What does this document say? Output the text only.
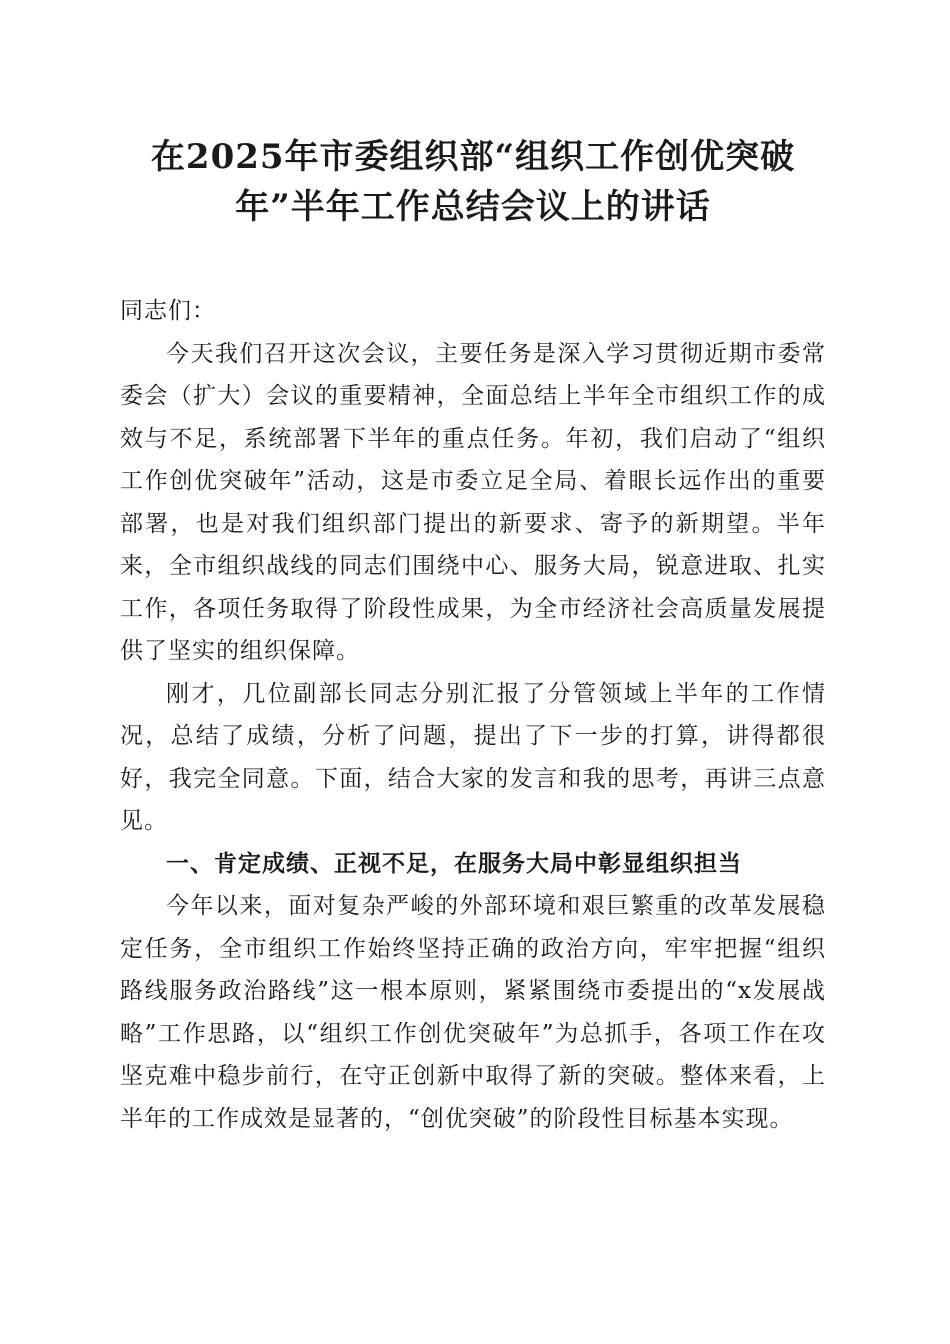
在2025年市委组织部“组织工作创优突破
年”半年工作总结会议上的讲话

同志们：

今天我们召开这次会议，主要任务是深入学习贯彻近期市委常委会（扩大）会议的重要精神，全面总结上半年全市组织工作的成效与不足，系统部署下半年的重点任务。年初，我们启动了“组织工作创优突破年”活动，这是市委立足全局、着眼长远作出的重要部署，也是对我们组织部门提出的新要求、寄予的新期望。半年来，全市组织战线的同志们围绕中心、服务大局，锐意进取、扎实工作，各项任务取得了阶段性成果，为全市经济社会高质量发展提供了坚实的组织保障。

刚才，几位副部长同志分别汇报了分管领域上半年的工作情况，总结了成绩，分析了问题，提出了下一步的打算，讲得都很好，我完全同意。下面，结合大家的发言和我的思考，再讲三点意见。

一、肯定成绩、正视不足，在服务大局中彰显组织担当

今年以来，面对复杂严峻的外部环境和艰巨繁重的改革发展稳定任务，全市组织工作始终坚持正确的政治方向，牢牢把握“组织路线服务政治路线”这一根本原则，紧紧围绕市委提出的“x发展战略”工作思路，以“组织工作创优突破年”为总抓手，各项工作在攻坚克难中稳步前行，在守正创新中取得了新的突破。整体来看，上半年的工作成效是显著的，“创优突破”的阶段性目标基本实现。
